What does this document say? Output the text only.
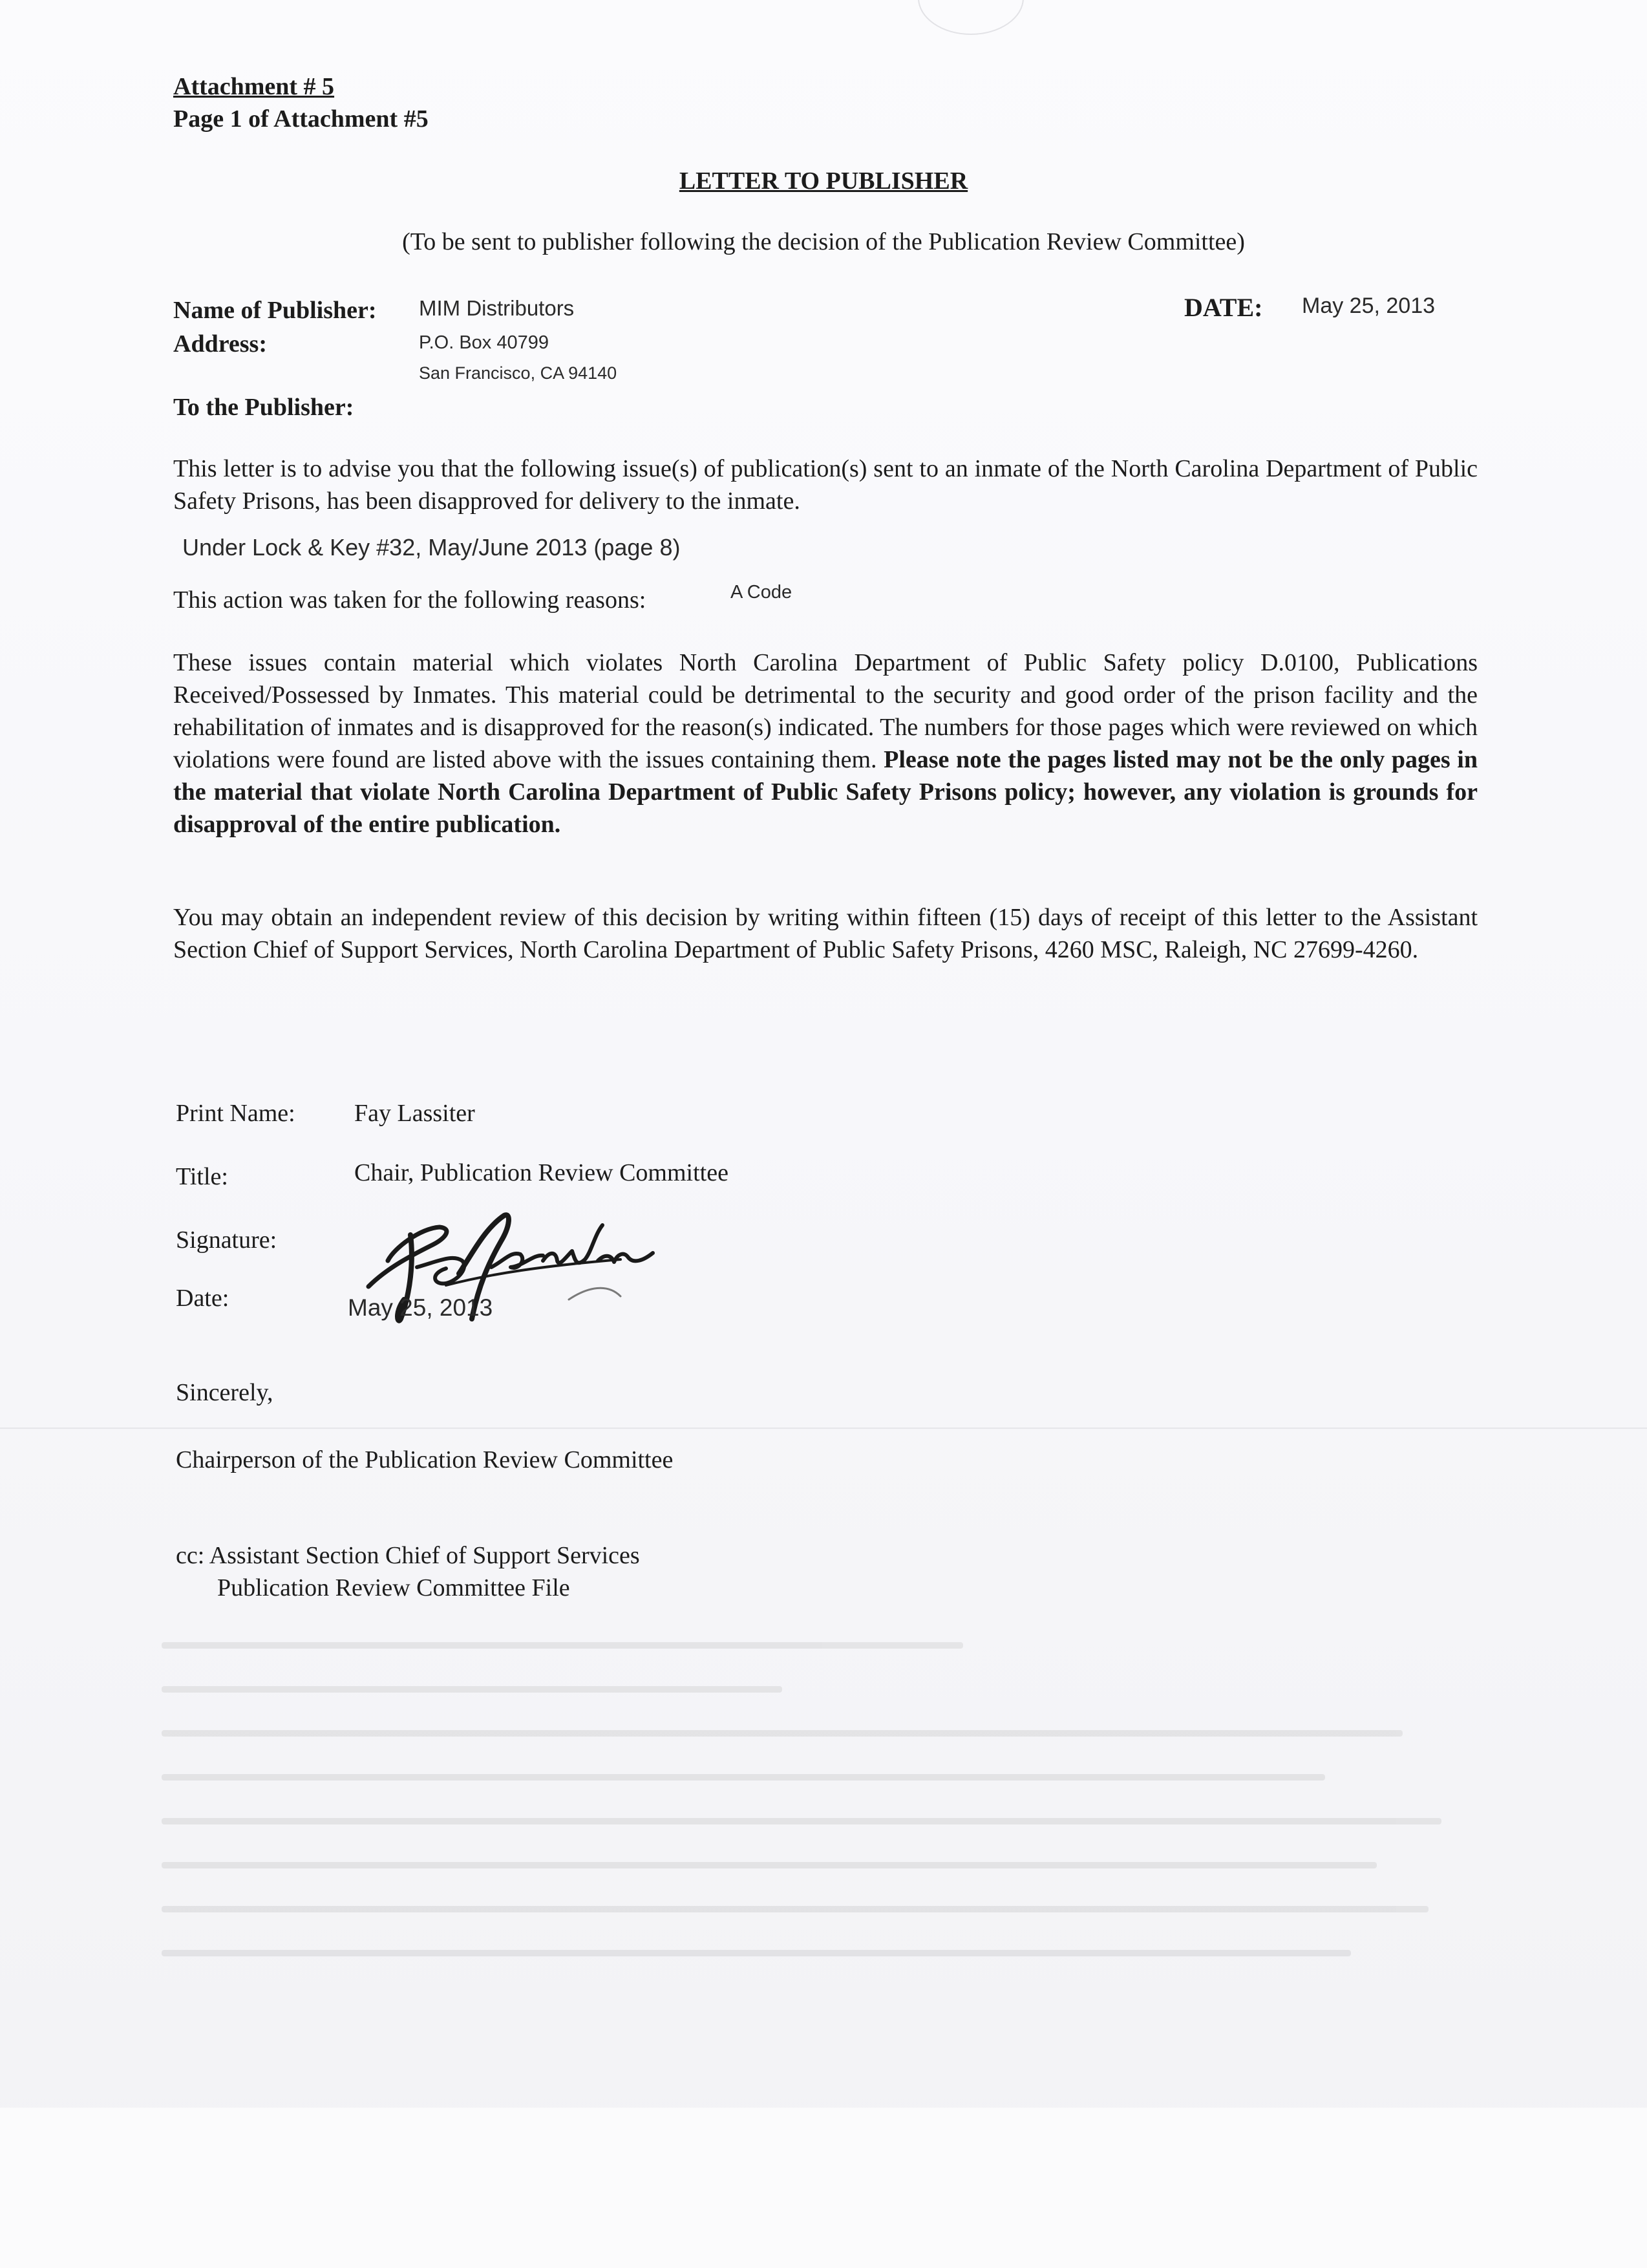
Attachment # 5
Page 1 of Attachment #5
LETTER TO PUBLISHER
(To be sent to publisher following the decision of the Publication Review Committee)
Name of Publisher: MIM Distributors	DATE: May 25, 2013
Address:	P.O. Box 40799
San Francisco, CA 94140
To the Publisher:
This letter is to advise you that the following issue(s) of publication(s) sent to an inmate of the North Carolina Department of Public Safety Prisons, has been disapproved for delivery to the inmate.
Under Lock & Key #32, May/June 2013 (page 8)
This action was taken for the following reasons:	A Code
These issues contain material which violates North Carolina Department of Public Safety policy D.0100, Publications Received/Possessed by Inmates. This material could be detrimental to the security and good order of the prison facility and the rehabilitation of inmates and is disapproved for the reason(s) indicated. The numbers for those pages which were reviewed on which violations were found are listed above with the issues containing them. Please note the pages listed may not be the only pages in the material that violate North Carolina Department of Public Safety Prisons policy; however, any violation is grounds for disapproval of the entire publication.
You may obtain an independent review of this decision by writing within fifteen (15) days of receipt of this letter to the Assistant Section Chief of Support Services, North Carolina Department of Public Safety Prisons, 4260 MSC, Raleigh, NC 27699-4260.
Print Name: Fay Lassiter
Title:	Chair, Publication Review Committee
Signature:
Date:	May 25, 2013
Sincerely,
Chairperson of the Publication Review Committee
cc: Assistant Section Chief of Support Services
Publication Review Committee File
